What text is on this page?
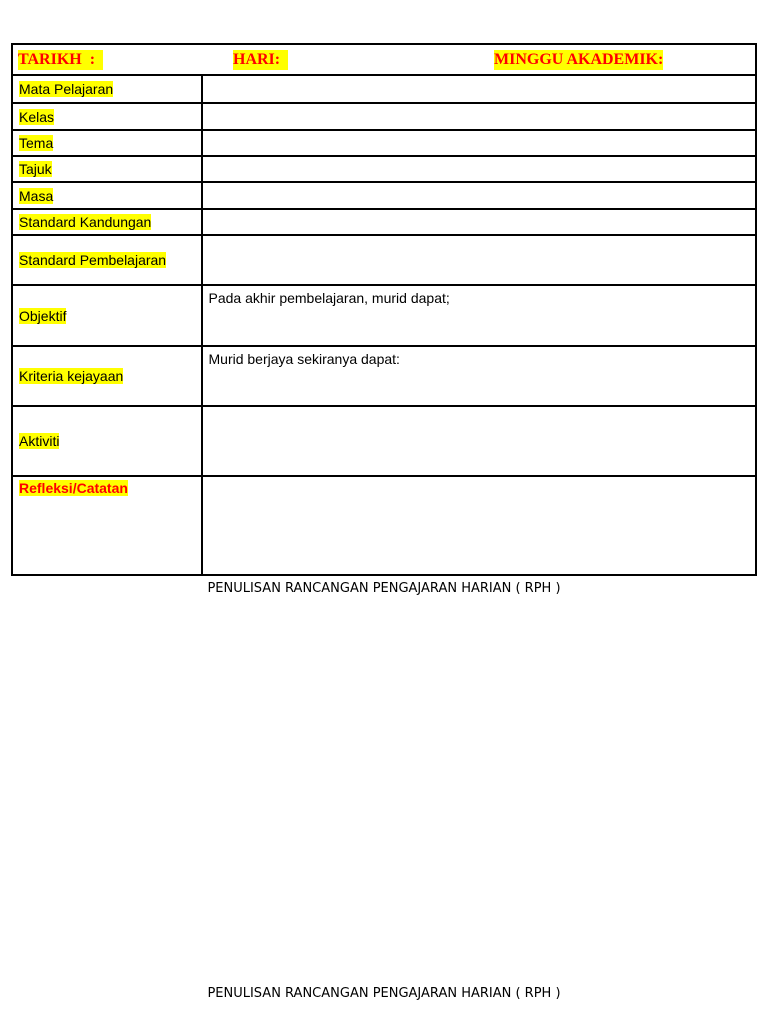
TARIKH  : HARI: MINGGU AKADEMIK:	

Mata Pelajaran	
Kelas	
Tema	
Tajuk	
Masa	
Standard Kandungan	
Standard Pembelajaran	
Objektif	Pada akhir pembelajaran, murid dapat;
Kriteria kejayaan	Murid berjaya sekiranya dapat:
Aktiviti	
Refleksi/Catatan	
PENULISAN RANCANGAN PENGAJARAN HARIAN ( RPH )
PENULISAN RANCANGAN PENGAJARAN HARIAN ( RPH )
